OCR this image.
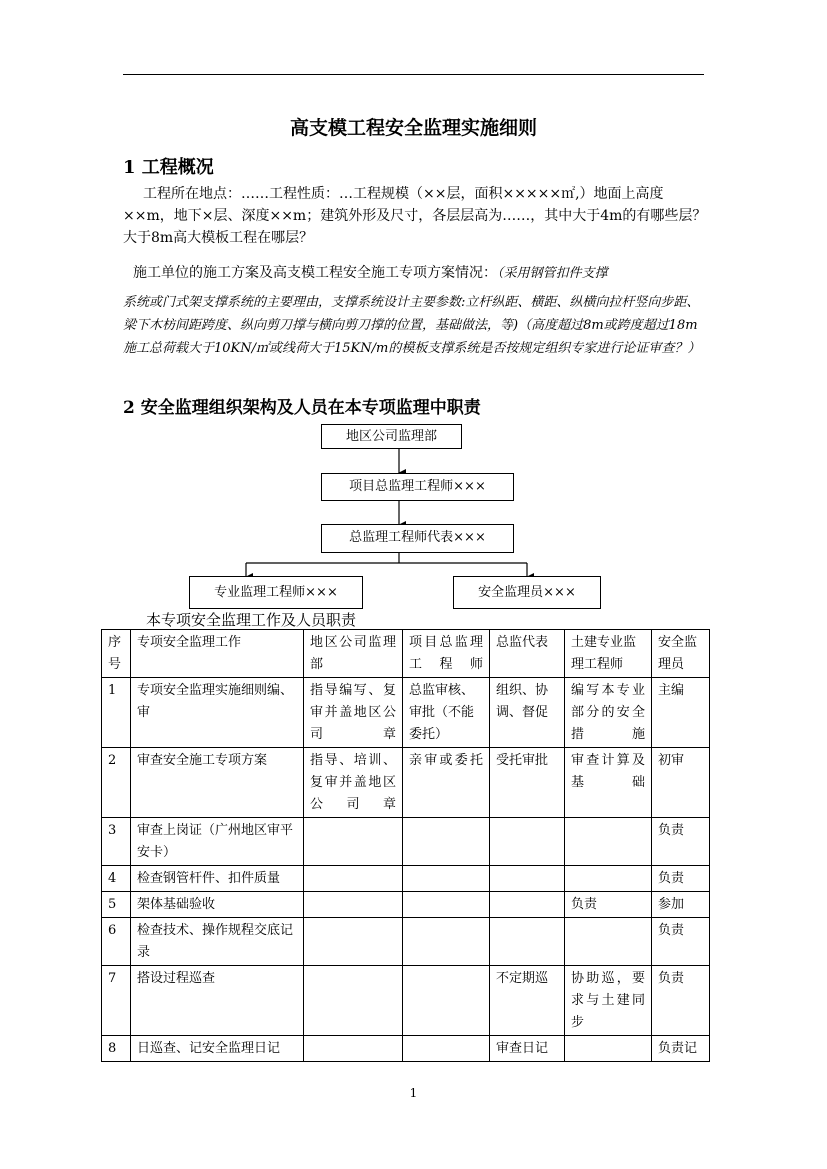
高支模工程安全监理实施细则
1 工程概况
工程所在地点：……工程性质：…工程规模（××层，面积×××××㎡,）地面上高度××m，地下×层、深度××m；建筑外形及尺寸，各层层高为……，其中大于4m的有哪些层？大于8m高大模板工程在哪层？
施工单位的施工方案及高支模工程安全施工专项方案情况：（采用钢管扣件支撑
系统或门式架支撑系统的主要理由，支撑系统设计主要参数:立杆纵距、横距、纵横向拉杆竖向步距、梁下木枋间距跨度、纵向剪刀撑与横向剪刀撑的位置，基础做法，等)（高度超过8m或跨度超过18m施工总荷载大于10KN/㎡或线荷大于15KN/m的模板支撑系统是否按规定组织专家进行论证审查？）
2 安全监理组织架构及人员在本专项监理中职责
地区公司监理部
项目总监理工程师×××
总监理工程师代表×××
专业监理工程师×××	安全监理员×××
本专项安全监理工作及人员职责
序号	专项安全监理工作	地区公司监理部	项目总监理工程师	总监代表	土建专业监理工程师	安全监理员
1	专项安全监理实施细则编、审	指导编写、复审并盖地区公司章	总监审核、审批（不能委托）	组织、协调、督促	编写本专业部分的安全措施	主编
2	审查安全施工专项方案	指导、培训、复审并盖地区公司章	亲审或委托	受托审批	审查计算及基础	初审
3	审查上岗证（广州地区审平安卡）					负责
4	检查钢管杆件、扣件质量					负责
5	架体基础验收				负责	参加
6	检查技术、操作规程交底记录					负责
7	搭设过程巡查			不定期巡	协助巡，要求与土建同步	负责
8	日巡查、记安全监理日记			审查日记		负责记
1
